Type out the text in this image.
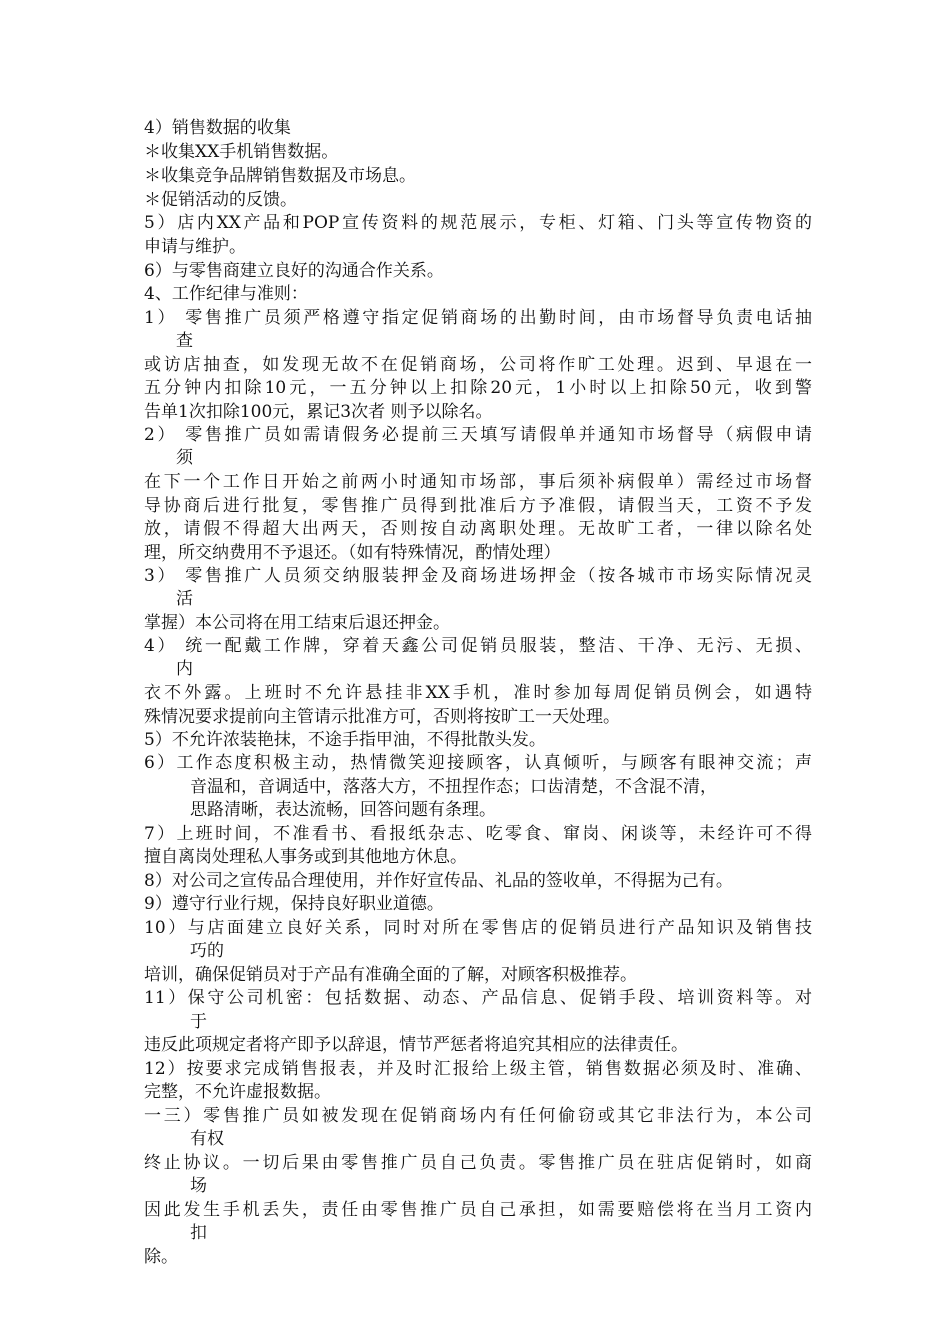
4）销售数据的收集
＊收集XX手机销售数据。
＊收集竞争品牌销售数据及市场息。
＊促销活动的反馈。
5）店内XX产品和POP宣传资料的规范展示，专柜、灯箱、门头等宣传物资的
申请与维护。
6）与零售商建立良好的沟通合作关系。
4、工作纪律与准则：
1） 零售推广员须严格遵守指定促销商场的出勤时间，由市场督导负责电话抽
查
或访店抽查，如发现无故不在促销商场，公司将作旷工处理。迟到、早退在一
五分钟内扣除10元，一五分钟以上扣除20元，1小时以上扣除50元，收到警
告单1次扣除100元，累记3次者 则予以除名。
2） 零售推广员如需请假务必提前三天填写请假单并通知市场督导（病假申请
须
在下一个工作日开始之前两小时通知市场部，事后须补病假单）需经过市场督
导协商后进行批复，零售推广员得到批准后方予准假，请假当天，工资不予发
放，请假不得超大出两天，否则按自动离职处理。无故旷工者，一律以除名处
理，所交纳费用不予退还。（如有特殊情况，酌情处理）
3） 零售推广人员须交纳服装押金及商场进场押金（按各城市市场实际情况灵
活
掌握）本公司将在用工结束后退还押金。
4） 统一配戴工作牌，穿着天鑫公司促销员服装，整洁、干净、无污、无损、
内
衣不外露。上班时不允许悬挂非XX手机，准时参加每周促销员例会，如遇特
殊情况要求提前向主管请示批准方可，否则将按旷工一天处理。
5）不允许浓装艳抹，不途手指甲油，不得批散头发。
6）工作态度积极主动，热情微笑迎接顾客，认真倾听，与顾客有眼神交流；声
音温和，音调适中，落落大方，不扭捏作态；口齿清楚，不含混不清，
思路清晰，表达流畅，回答问题有条理。
7）上班时间，不准看书、看报纸杂志、吃零食、窜岗、闲谈等，未经许可不得
擅自离岗处理私人事务或到其他地方休息。
8）对公司之宣传品合理使用，并作好宣传品、礼品的签收单，不得据为己有。
9）遵守行业行规，保持良好职业道德。
10）与店面建立良好关系，同时对所在零售店的促销员进行产品知识及销售技
巧的
培训，确保促销员对于产品有准确全面的了解，对顾客积极推荐。
11）保守公司机密：包括数据、动态、产品信息、促销手段、培训资料等。对
于
违反此项规定者将产即予以辞退，情节严惩者将追究其相应的法律责任。
12）按要求完成销售报表，并及时汇报给上级主管，销售数据必须及时、准确、
完整，不允许虚报数据。
一三）零售推广员如被发现在促销商场内有任何偷窃或其它非法行为，本公司
有权
终止协议。一切后果由零售推广员自己负责。零售推广员在驻店促销时，如商
场
因此发生手机丢失，责任由零售推广员自己承担，如需要赔偿将在当月工资内
扣
除。
